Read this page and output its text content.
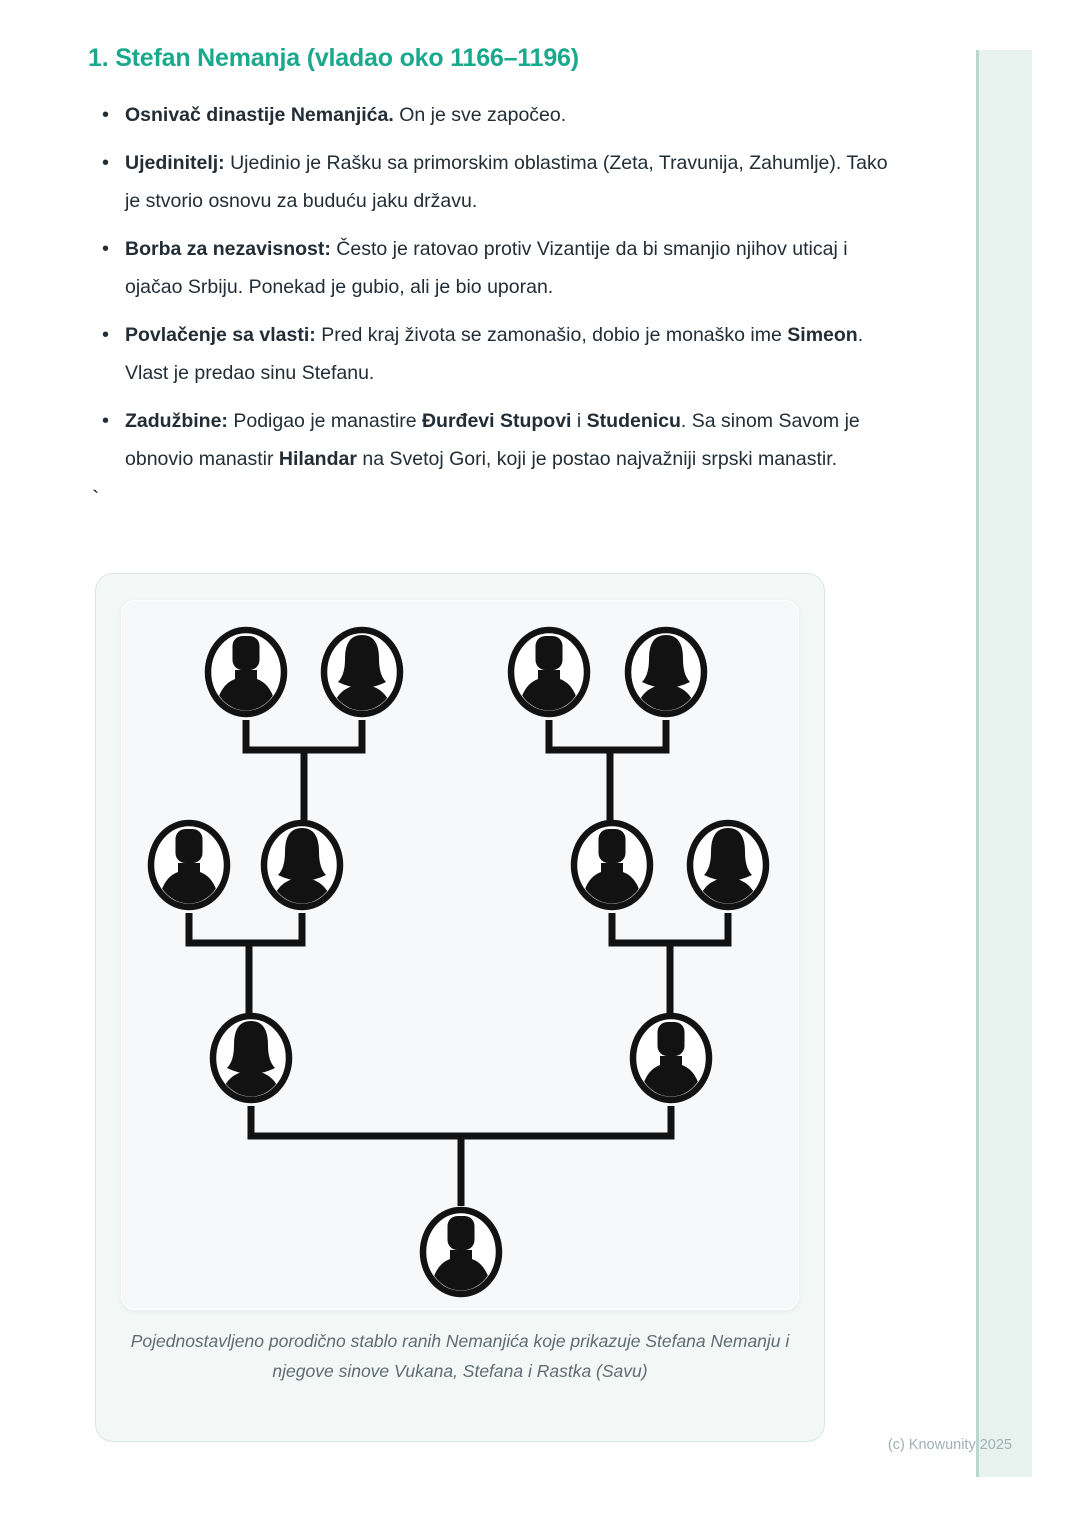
1. Stefan Nemanja (vladao oko 1166–1196)
• Osnivač dinastije Nemanjića. On je sve započeo.
• Ujedinitelj: Ujedinio je Rašku sa primorskim oblastima (Zeta, Travunija, Zahumlje). Tako je stvorio osnovu za buduću jaku državu.
• Borba za nezavisnost: Često je ratovao protiv Vizantije da bi smanjio njihov uticaj i ojačao Srbiju. Ponekad je gubio, ali je bio uporan.
• Povlačenje sa vlasti: Pred kraj života se zamonašio, dobio je monaško ime Simeon. Vlast je predao sinu Stefanu.
• Zadužbine: Podigao je manastire Đurđevi Stupovi i Studenicu. Sa sinom Savom je obnovio manastir Hilandar na Svetoj Gori, koji je postao najvažniji srpski manastir.
`
Pojednostavljeno porodično stablo ranih Nemanjića koje prikazuje Stefana Nemanju i njegove sinove Vukana, Stefana i Rastka (Savu)
(c) Knowunity 2025
